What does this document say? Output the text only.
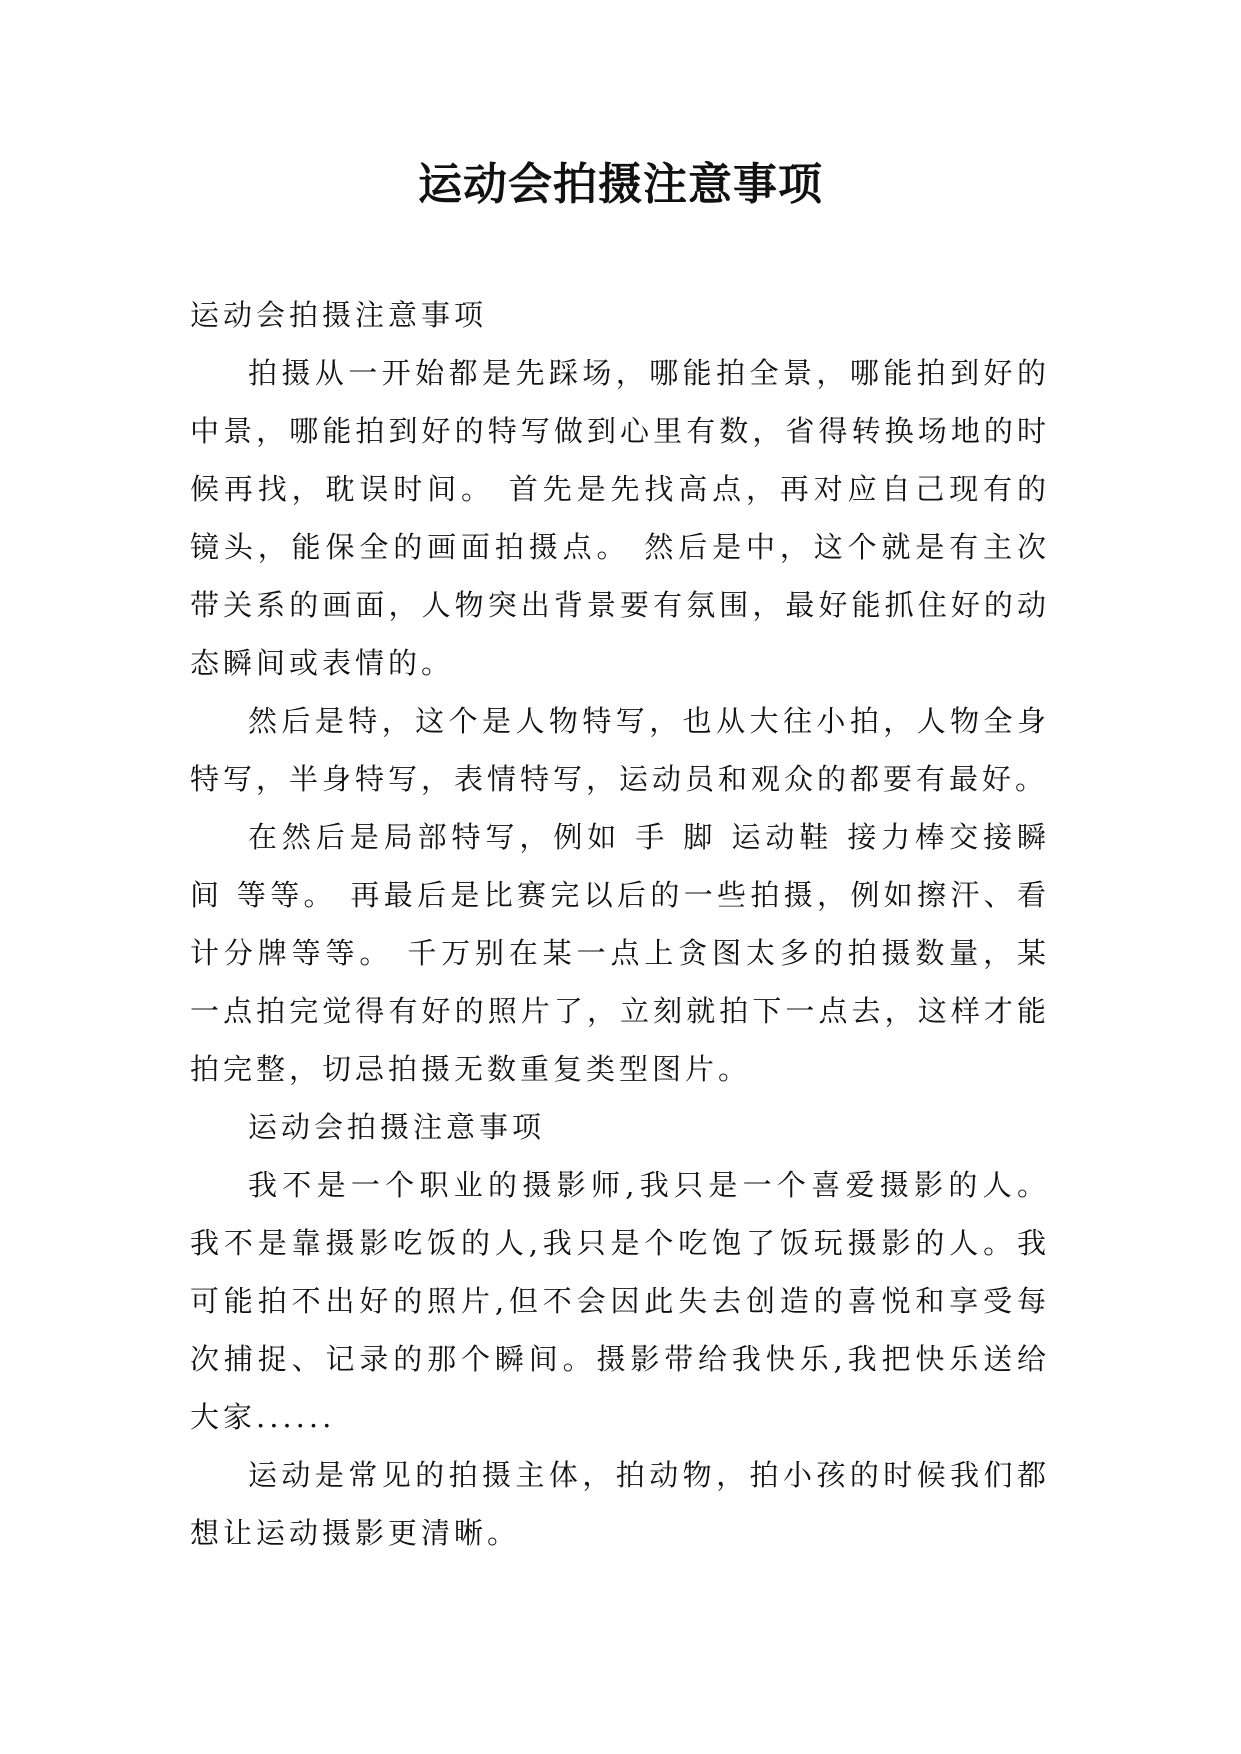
运动会拍摄注意事项

运动会拍摄注意事项

拍摄从一开始都是先踩场，哪能拍全景，哪能拍到好的中景，哪能拍到好的特写做到心里有数，省得转换场地的时候再找，耽误时间。 首先是先找高点，再对应自己现有的镜头，能保全的画面拍摄点。 然后是中，这个就是有主次带关系的画面，人物突出背景要有氛围，最好能抓住好的动态瞬间或表情的。

然后是特，这个是人物特写，也从大往小拍，人物全身特写，半身特写，表情特写，运动员和观众的都要有最好。

在然后是局部特写，例如 手 脚 运动鞋 接力棒交接瞬间 等等。 再最后是比赛完以后的一些拍摄，例如擦汗、看计分牌等等。 千万别在某一点上贪图太多的拍摄数量，某一点拍完觉得有好的照片了，立刻就拍下一点去，这样才能拍完整，切忌拍摄无数重复类型图片。

运动会拍摄注意事项

我不是一个职业的摄影师,我只是一个喜爱摄影的人。我不是靠摄影吃饭的人,我只是个吃饱了饭玩摄影的人。我可能拍不出好的照片,但不会因此失去创造的喜悦和享受每次捕捉、记录的那个瞬间。摄影带给我快乐,我把快乐送给大家......

运动是常见的拍摄主体，拍动物，拍小孩的时候我们都想让运动摄影更清晰。
